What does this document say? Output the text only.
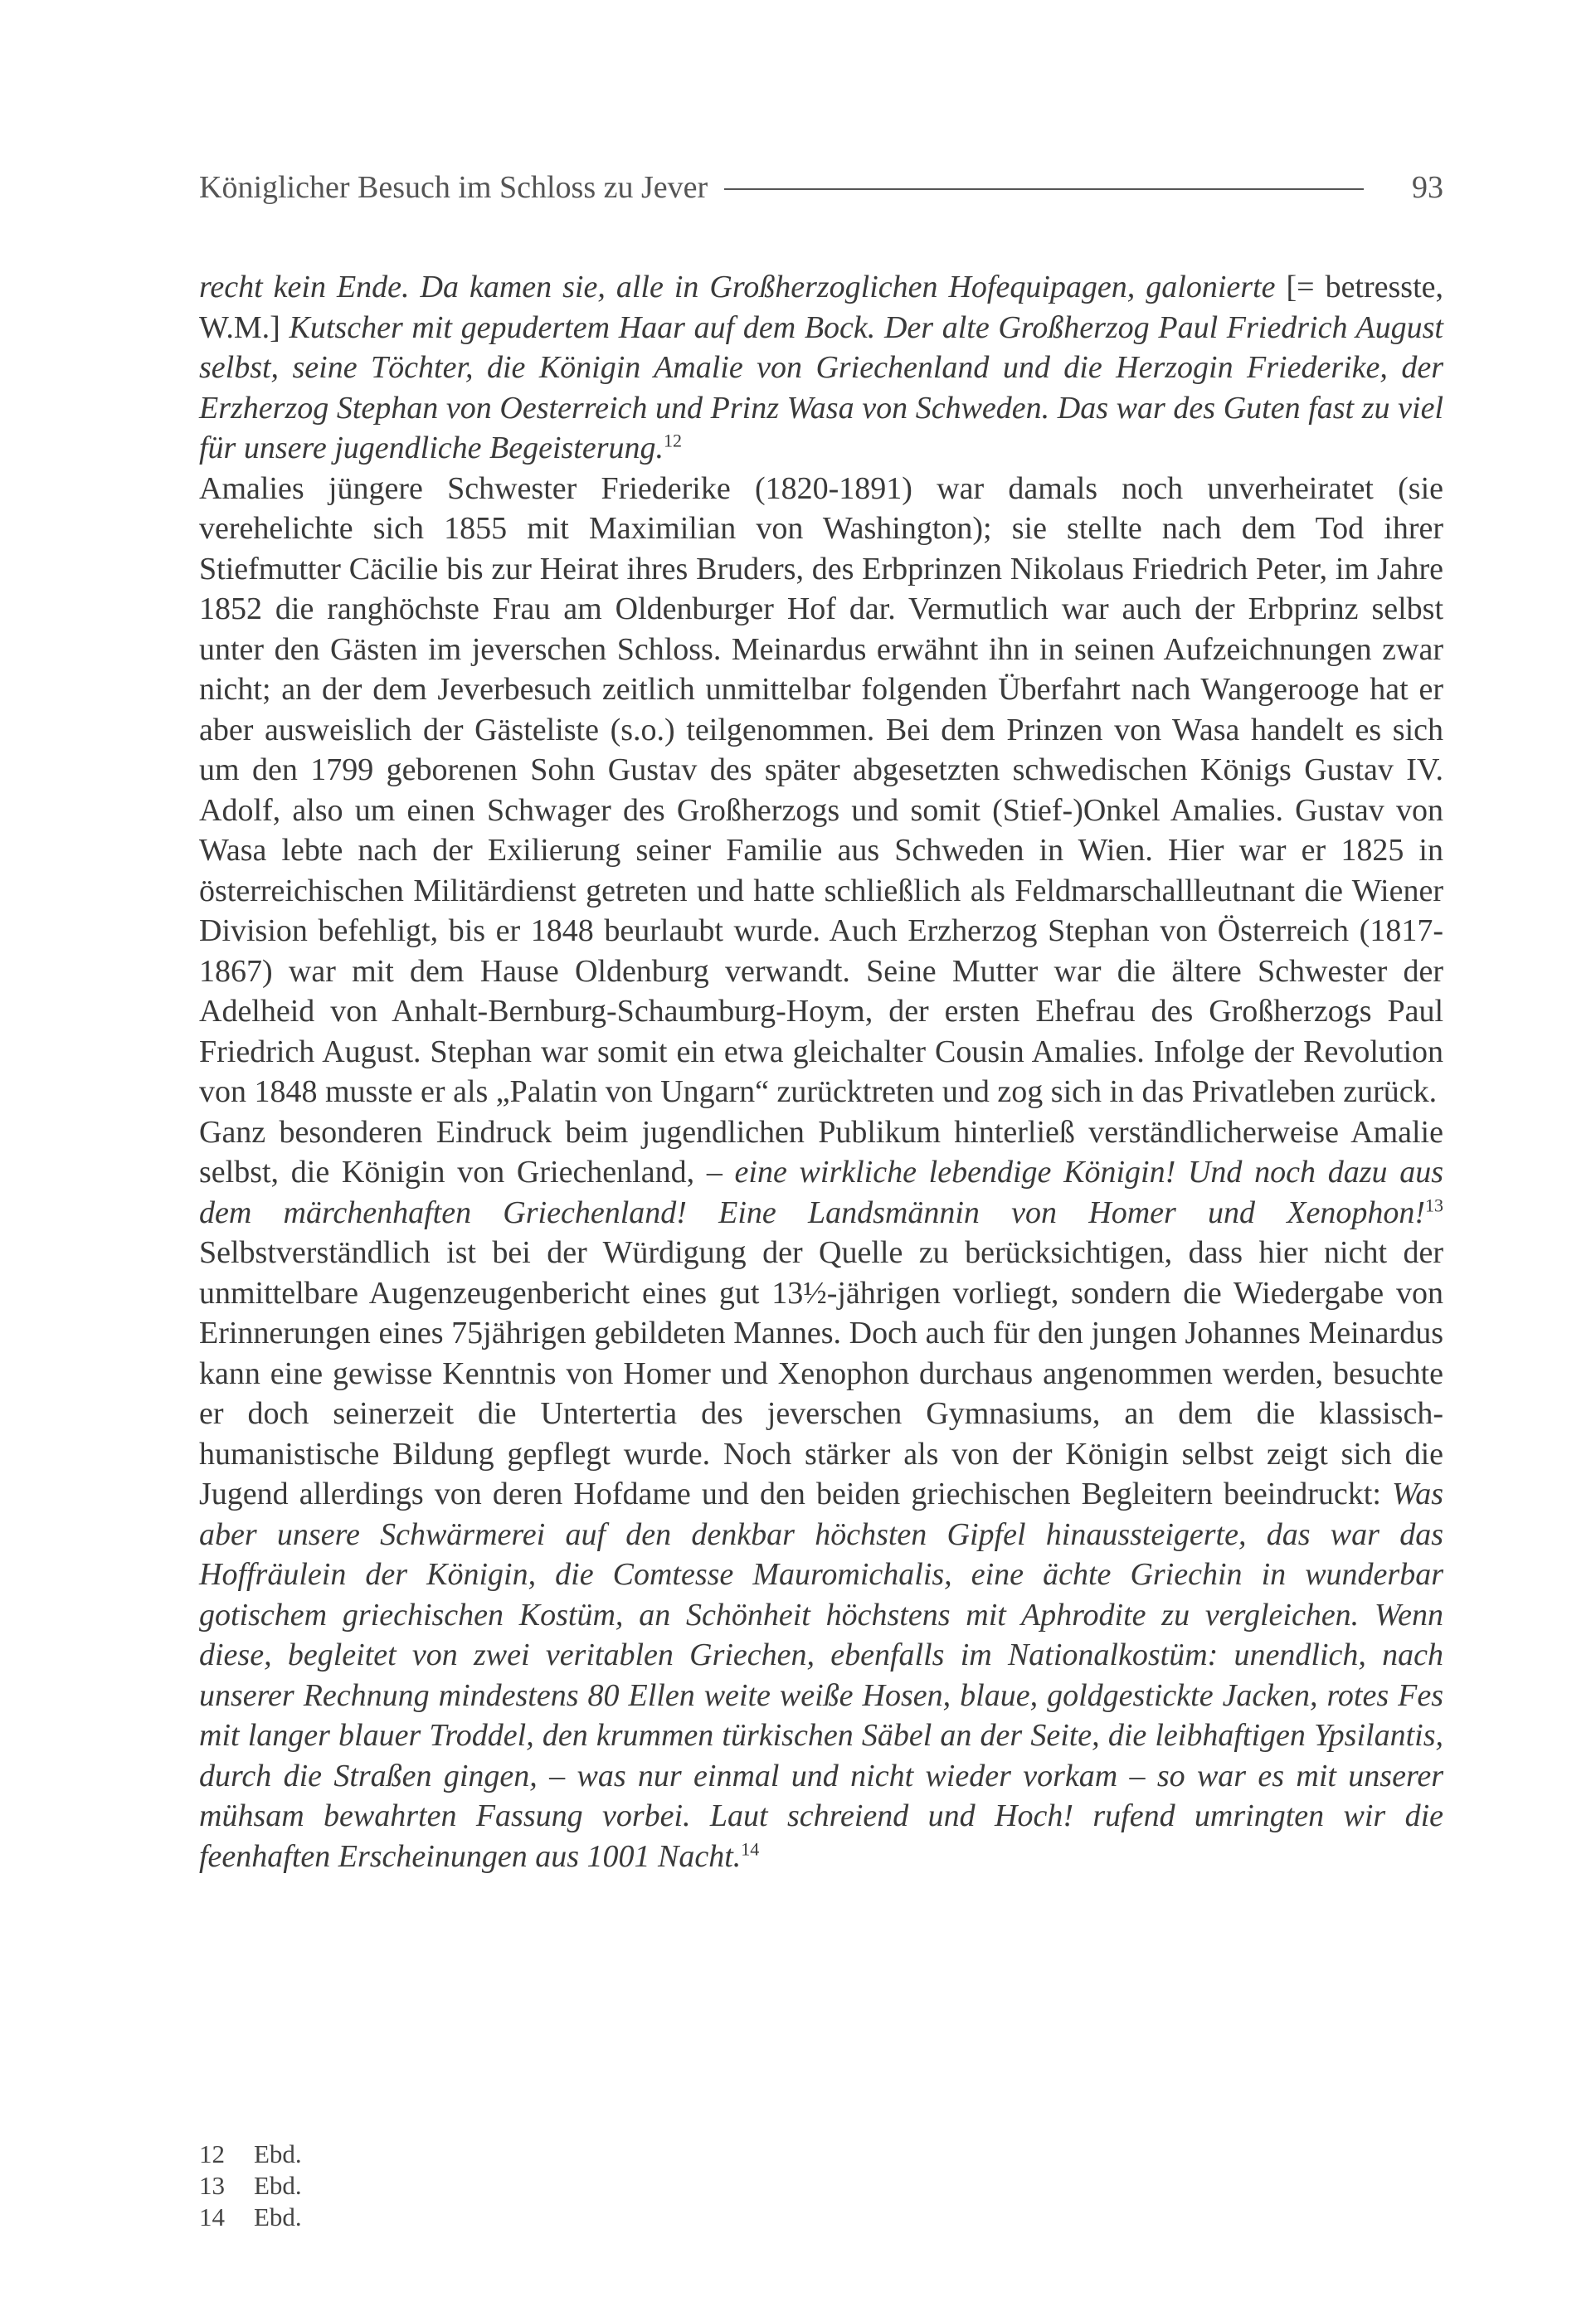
Königlicher Besuch im Schloss zu Jever	93

recht kein Ende. Da kamen sie, alle in Großherzoglichen Hofequipagen, galonierte [= betresste, W.M.] Kutscher mit gepudertem Haar auf dem Bock. Der alte Großherzog Paul Friedrich August selbst, seine Töchter, die Königin Amalie von Griechenland und die Herzogin Friederike, der Erzherzog Stephan von Oesterreich und Prinz Wasa von Schweden. Das war des Guten fast zu viel für unsere jugendliche Begeisterung.$^{12}$

Amalies jüngere Schwester Friederike (1820-1891) war damals noch unverheiratet (sie verehelichte sich 1855 mit Maximilian von Washington); sie stellte nach dem Tod ihrer Stiefmutter Cäcilie bis zur Heirat ihres Bruders, des Erbprinzen Nikolaus Friedrich Peter, im Jahre 1852 die ranghöchste Frau am Oldenburger Hof dar. Vermutlich war auch der Erbprinz selbst unter den Gästen im jeverschen Schloss. Meinardus erwähnt ihn in seinen Aufzeichnungen zwar nicht; an der dem Jeverbesuch zeitlich unmittelbar folgenden Überfahrt nach Wangerooge hat er aber ausweislich der Gästeliste (s.o.) teilgenommen. Bei dem Prinzen von Wasa handelt es sich um den 1799 geborenen Sohn Gustav des später abgesetzten schwedischen Königs Gustav IV. Adolf, also um einen Schwager des Großherzogs und somit (Stief-)Onkel Amalies. Gustav von Wasa lebte nach der Exilierung seiner Familie aus Schweden in Wien. Hier war er 1825 in österreichischen Militärdienst getreten und hatte schließlich als Feldmarschallleutnant die Wiener Division befehligt, bis er 1848 beurlaubt wurde. Auch Erzherzog Stephan von Österreich (1817-1867) war mit dem Hause Oldenburg verwandt. Seine Mutter war die ältere Schwester der Adelheid von Anhalt-Bernburg-Schaumburg-Hoym, der ersten Ehefrau des Großherzogs Paul Friedrich August. Stephan war somit ein etwa gleichalter Cousin Amalies. Infolge der Revolution von 1848 musste er als „Palatin von Ungarn“ zurücktreten und zog sich in das Privatleben zurück.

Ganz besonderen Eindruck beim jugendlichen Publikum hinterließ verständlicherweise Amalie selbst, die Königin von Griechenland, – eine wirkliche lebendige Königin! Und noch dazu aus dem märchenhaften Griechenland! Eine Landsmännin von Homer und Xenophon!$^{13}$ Selbstverständlich ist bei der Würdigung der Quelle zu berücksichtigen, dass hier nicht der unmittelbare Augenzeugenbericht eines gut 13½-jährigen vorliegt, sondern die Wiedergabe von Erinnerungen eines 75jährigen gebildeten Mannes. Doch auch für den jungen Johannes Meinardus kann eine gewisse Kenntnis von Homer und Xenophon durchaus angenommen werden, besuchte er doch seinerzeit die Untertertia des jeverschen Gymnasiums, an dem die klassisch-humanistische Bildung gepflegt wurde. Noch stärker als von der Königin selbst zeigt sich die Jugend allerdings von deren Hofdame und den beiden griechischen Begleitern beeindruckt: Was aber unsere Schwärmerei auf den denkbar höchsten Gipfel hinaussteigerte, das war das Hoffräulein der Königin, die Comtesse Mauromichalis, eine ächte Griechin in wunderbar gotischem griechischen Kostüm, an Schönheit höchstens mit Aphrodite zu vergleichen. Wenn diese, begleitet von zwei veritablen Griechen, ebenfalls im Nationalkostüm: unendlich, nach unserer Rechnung mindestens 80 Ellen weite weiße Hosen, blaue, goldgestickte Jacken, rotes Fes mit langer blauer Troddel, den krummen türkischen Säbel an der Seite, die leibhaftigen Ypsilantis, durch die Straßen gingen, – was nur einmal und nicht wieder vorkam – so war es mit unserer mühsam bewahrten Fassung vorbei. Laut schreiend und Hoch! rufend umringten wir die feenhaften Erscheinungen aus 1001 Nacht.$^{14}$

12	Ebd.
13	Ebd.
14	Ebd.
